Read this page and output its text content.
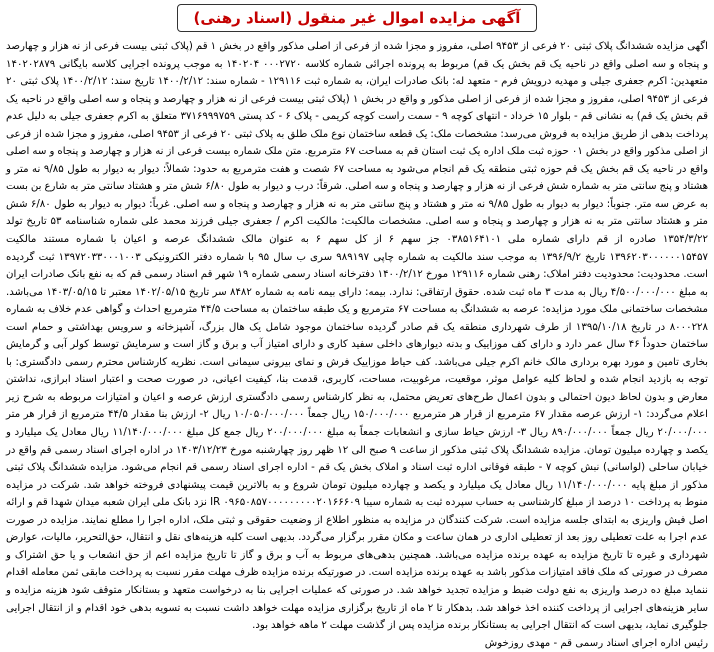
آگهی مزایده اموال غیر منقول (اسناد رهنی)
اگهی مزایده ششدانگ پلاک ثبتی ۲۰ فرعی از ۹۴۵۳ اصلی، مفروز و مجزا شده از فرعی از اصلی مذکور واقع در بخش ۱ قم (پلاک ثبتی بیست فرعی از نه هزار و چهارصد و پنجاه و سه اصلی واقع در ناحیه یک قم بخش یک قم) مربوط به پرونده اجرائی شماره کلاسه ۰۰۰۲۷۲۰ ۱۴۰۲۰۴ به موجب پرونده اجرایی کلاسه بایگانی ۱۴۰۲۰۲۸۷۹ متعهدین: اکرم جعفری جیلی و مهدیه درویش فرم - متعهد له: بانک صادرات ایران، به شماره ثبت ۱۲۹۱۱۶ - شماره سند: ۱۴۰۰/۲/۱۲ تاریخ سند: ۱۴۰۰/۲/۱۲ پلاک ثبتی ۲۰ فرعی از ۹۴۵۳ اصلی، مفروز و مجزا شده از فرعی از اصلی مذکور و واقع در بخش ۱ (پلاک ثبتی بیست فرعی از نه هزار و چهارصد و پنجاه و سه اصلی واقع در ناحیه یک قم بخش یک قم) به نشانی قم - بلوار ۱۵ خرداد - انتهای کوچه ۹ - سمت راست کوچه کریمی - پلاک ۶ - کد پستی ۳۷۱۶۹۹۹۷۵۹ متعلق به اکرم جعفری جیلی به دلیل عدم پرداخت بدهی از طریق مزایده به فروش می‌رسد: مشخصات ملک: یک قطعه ساختمان نوع ملک طلق به پلاک ثبتی ۲۰ فرعی از ۹۴۵۳ اصلی، مفروز و مجزا شده از فرعی از اصلی مذکور واقع در بخش ۰۱ حوزه ثبت ملک اداره یک ثبت استان قم به مساحت ۶۷ مترمربع. متن ملک شماره بیست فرعی از نه هزار و چهارصد و پنجاه و سه اصلی واقع در ناحیه یک قم بخش یک قم حوزه ثبتی منطقه یک قم انجام می‌شود به مساحت ۶۷ شصت و هفت مترمربع به حدود: شمالاً: دیوار به دیوار به طول ۹/۸۵ نه متر و هشتاد و پنج سانتی متر به شماره شش فرعی از نه هزار و چهارصد و پنجاه و سه اصلی. شرقاً: درب و دیوار به طول ۶/۸۰ شش متر و هشتاد سانتی متر به شارع بن بست به عرض سه متر. جنوباً: دیوار به دیوار به طول ۹/۸۵ نه متر و هشتاد و پنج سانتی متر به نه هزار و چهارصد و پنجاه و سه اصلی. غرباً: دیوار به دیوار به طول ۶/۸۰ شش متر و هشتاد سانتی متر به نه هزار و چهارصد و پنجاه و سه اصلی. مشخصات مالکیت: مالکیت اکرم / جعفری جیلی فرزند محمد علی شماره شناسنامه ۵۳ تاریخ تولد ۱۳۵۴/۳/۲۲ صادره از قم دارای شماره ملی ۰۳۸۵۱۶۴۱۰۱ جز سهم ۶ از کل سهم ۶ به عنوان مالک ششدانگ عرصه و اعیان با شماره مستند مالکیت ۱۳۹۶۲۰۳۰۰۰۰۰۰۱۵۴۵۷ تاریخ ۱۳۹۶/۹/۲ به موجب سند مالکیت به شماره چاپی ۹۸۹۱۹۷ سری ب سال ۹۵ با شماره دفتر الکترونیکی ۱۳۹۷۲۰۳۳۰۰۰۱۰۰۳ ثبت گردیده است. محدودیت: محدودیت دفتر املاک: رهنی شماره ۱۲۹۱۱۶ مورخ ۱۴۰۰/۲/۱۲ دفترخانه اسناد رسمی شماره ۱۹ شهر قم اسناد رسمی قم که به نفع بانک صادرات ایران به مبلغ ۴/۵۰۰/۰۰۰/۰۰۰ ریال به مدت ۳ ماه ثبت شده. حقوق ارتفاقی: ندارد. بیمه: دارای بیمه نامه به شماره ۸۴۸۲ سر تاریخ ۱۴۰۲/۰۵/۱۵ معتبر تا ۱۴۰۳/۰۵/۱۵ می‌باشد. مشخصات ساختمانی ملک مورد مزایده: عرصه به ششدانگ به مساحت ۶۷ مترمربع و یک طبقه ساختمان به مساحت ۴۴/۵ مترمربع احداث و گواهی عدم خلاف به شماره ۸۰۰۰۲۲۸ در تاریخ ۱۳۹۵/۱۰/۱۸ از طرف شهرداری منطقه یک قم صادر گردیده ساختمان موجود شامل یک هال بزرگ، آشپزخانه و سرویس بهداشتی و حمام است ساختمان حدوداً ۴۶ سال عمر دارد و دارای کف موزاییک و بدنه دیوارهای داخلی سفید کاری و دارای امتیاز آب و برق و گاز است و سرمایش توسط کولر آبی و گرمایش بخاری تامین و مورد بهره برداری مالک خانم اکرم جیلی می‌باشد. کف حیاط موزاییک فرش و نمای بیرونی سیمانی است. نظریه کارشناس محترم رسمی دادگستری: با توجه به بازدید انجام شده و لحاظ کلیه عوامل موثر، موقعیت، مرغوبیت، مساحت، کاربری، قدمت بنا، کیفیت اعیانی، در صورت صحت و اعتبار اسناد ابرازی، نداشتن معارض و بدون لحاظ دیون احتمالی و بدون اعمال طرح‌های تعریض محتمل، به نظر کارشناس رسمی دادگستری ارزش عرصه و اعیان و امتیازات مربوطه به شرح زیر اعلام می‌گردد: ۱- ارزش عرصه مقدار ۶۷ مترمربع از قرار هر مترمربع ۱۵۰/۰۰۰/۰۰۰ ریال جمعاً ۱۰/۰۵۰/۰۰۰/۰۰۰ ریال ۲- ارزش بنا مقدار ۴۴/۵ مترمربع از قرار هر متر ۲۰/۰۰۰/۰۰۰ ریال جمعاً ۸۹۰/۰۰۰/۰۰۰ ریال ۳- ارزش حیاط سازی و انشعابات جمعاً به مبلغ ۲۰۰/۰۰۰/۰۰۰ ریال جمع کل مبلغ ۱۱/۱۴۰/۰۰۰/۰۰۰ ریال معادل یک میلیارد و یکصد و چهارده میلیون تومان. مزایده ششدانگ پلاک ثبتی مذکور از ساعت ۹ صبح الی ۱۲ ظهر روز چهارشنبه مورخ ۱۴۰۳/۱۲/۲۳ در اداره اجرای اسناد رسمی قم واقع در خیابان ساحلی (لواسانی) نبش کوچه ۷ - طبقه فوقانی اداره ثبت اسناد و املاک بخش یک قم - اداره اجرای اسناد رسمی قم انجام می‌شود. مزایده ششدانگ پلاک ثبتی مذکور از مبلغ پایه ۱۱/۱۴۰/۰۰۰/۰۰۰ ریال معادل یک میلیارد و یکصد و چهارده میلیون تومان شروع و به بالاترین قیمت پیشنهادی فروخته خواهد شد. شرکت در مزایده منوط به پرداخت ۱۰ درصد از مبلغ کارشناسی به حساب سپرده ثبت به شماره سیبا ۰۹۶۵۰۸۵۷۰۰۰۰۰۰۰۰۰۲۰۱۶۶۶۰۹ IR نزد بانک ملی ایران شعبه میدان شهدا قم و ارائه اصل فیش واریزی به ابتدای جلسه مزایده است. شرکت کنندگان در مزایده به منظور اطلاع از وضعیت حقوقی و ثبتی ملک، اداره اجرا را مطلع نمایند. مزایده در صورت عدم اجرا به علت تعطیلی روز بعد از تعطیلی اداری در همان ساعت و مکان مقرر برگزار می‌گردد. بدیهی است کلیه هزینه‌های نقل و انتقال، حق‌التحریر، مالیات، عوارض شهرداری و غیره تا تاریخ مزایده به عهده برنده مزایده می‌باشد. همچنین بدهی‌های مربوط به آب و برق و گاز تا تاریخ مزایده اعم از حق انشعاب و یا حق اشتراک و مصرف در صورتی که ملک فاقد امتیازات مذکور باشد به عهده برنده مزایده است. در صورتیکه برنده مزایده ظرف مهلت مقرر نسبت به پرداخت مابقی ثمن معامله اقدام ننماید مبلغ ده درصد واریزی به نفع دولت ضبط و مزایده تجدید خواهد شد. در صورتی که عملیات اجرایی بنا به درخواست متعهد و بستانکار متوقف شود هزینه مزایده و سایر هزینه‌های اجرایی از پرداخت کننده اخذ خواهد شد. بدهکار تا ۲ ماه از تاریخ برگزاری مزایده مهلت خواهد داشت نسبت به تسویه بدهی خود اقدام و از انتقال اجرایی جلوگیری نماید، بدیهی است که انتقال اجرایی به بستانکار برنده مزایده پس از گذشت مهلت ۲ ماهه خواهد بود.
رئیس اداره اجرای اسناد رسمی قم - مهدی روزخوش
